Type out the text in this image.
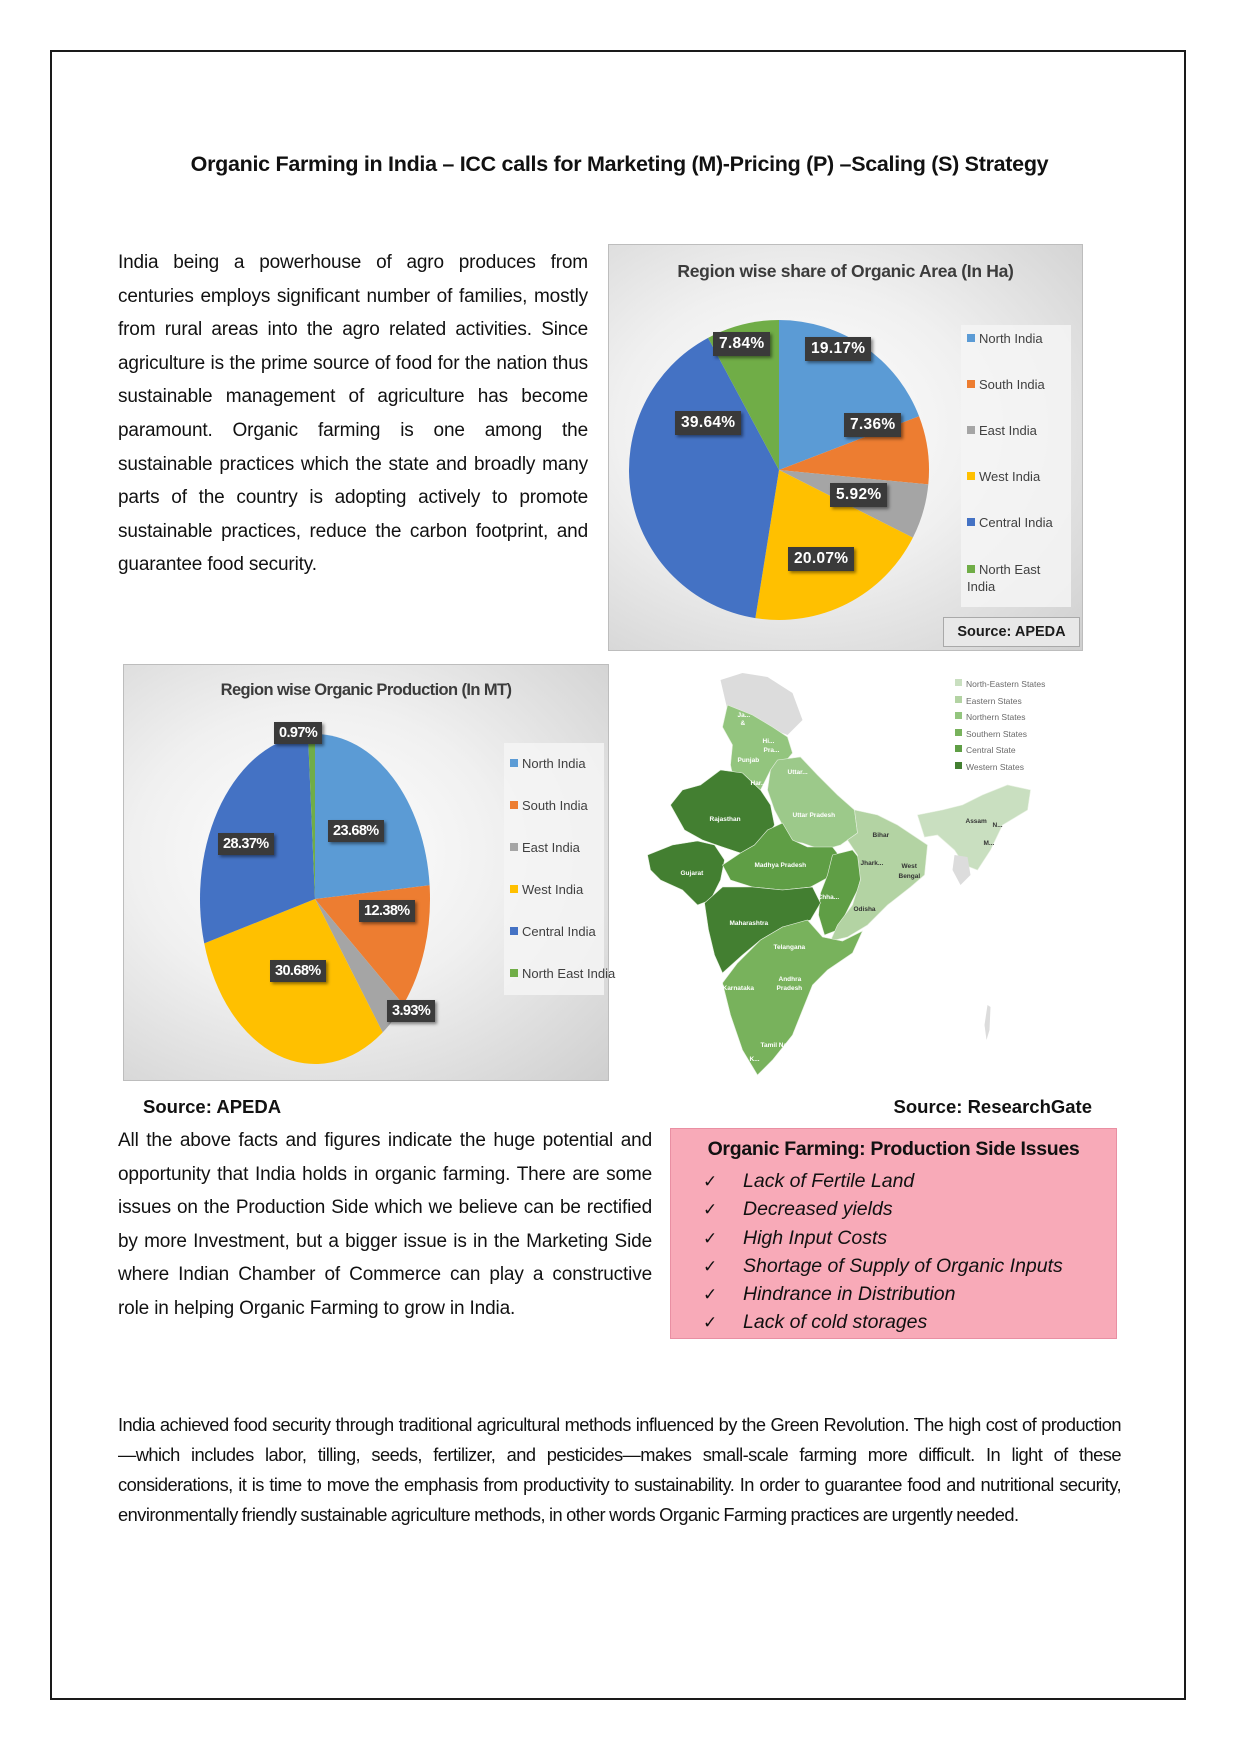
Organic Farming in India – ICC calls for Marketing (M)-Pricing (P) –Scaling (S) Strategy

India being a powerhouse of agro produces from centuries employs significant number of families, mostly from rural areas into the agro related activities. Since agriculture is the prime source of food for the nation thus sustainable management of agriculture has become paramount. Organic farming is one among the sustainable practices which the state and broadly many parts of the country is adopting actively to promote sustainable practices, reduce the carbon footprint, and guarantee food security.

Region wise share of Organic Area (In Ha)
North India
South India
East India
West India
Central India
North East India
19.17%
7.36%
5.92%
20.07%
39.64%
7.84%
Source: APEDA
Region wise Organic Production (In MT)
North India
South India
East India
West India
Central India
North East India
23.68%
12.38%
3.93%
30.68%
28.37%
0.97%
Ja...
&
Hi...
Pra...
Punjab
Uttar...
Har...
Rajasthan
Uttar Pradesh
Gujarat
Madhya Pradesh
Chha...
Maharashtra
Telangana
Andhra
Pradesh
Karnataka
Tamil Nadu
K...
Bihar
Jhark...	West
Bengal
Odisha
Assam
N...
M...
North-Eastern States
Eastern States
Northern States
Southern States
Central State
Western States
Source: APEDA	Source: ResearchGate

All the above facts and figures indicate the huge potential and opportunity that India holds in organic farming. There are some issues on the Production Side which we believe can be rectified by more Investment, but a bigger issue is in the Marketing Side where Indian Chamber of Commerce can play a constructive role in helping Organic Farming to grow in India.

Organic Farming: Production Side Issues
✓ Lack of Fertile Land
✓ Decreased yields
✓ High Input Costs
✓ Shortage of Supply of Organic Inputs
✓ Hindrance in Distribution
✓ Lack of cold storages

India achieved food security through traditional agricultural methods influenced by the Green Revolution. The high cost of production—which includes labor, tilling, seeds, fertilizer, and pesticides—makes small-scale farming more difficult. In light of these considerations, it is time to move the emphasis from productivity to sustainability. In order to guarantee food and nutritional security, environmentally friendly sustainable agriculture methods, in other words Organic Farming practices are urgently needed.
